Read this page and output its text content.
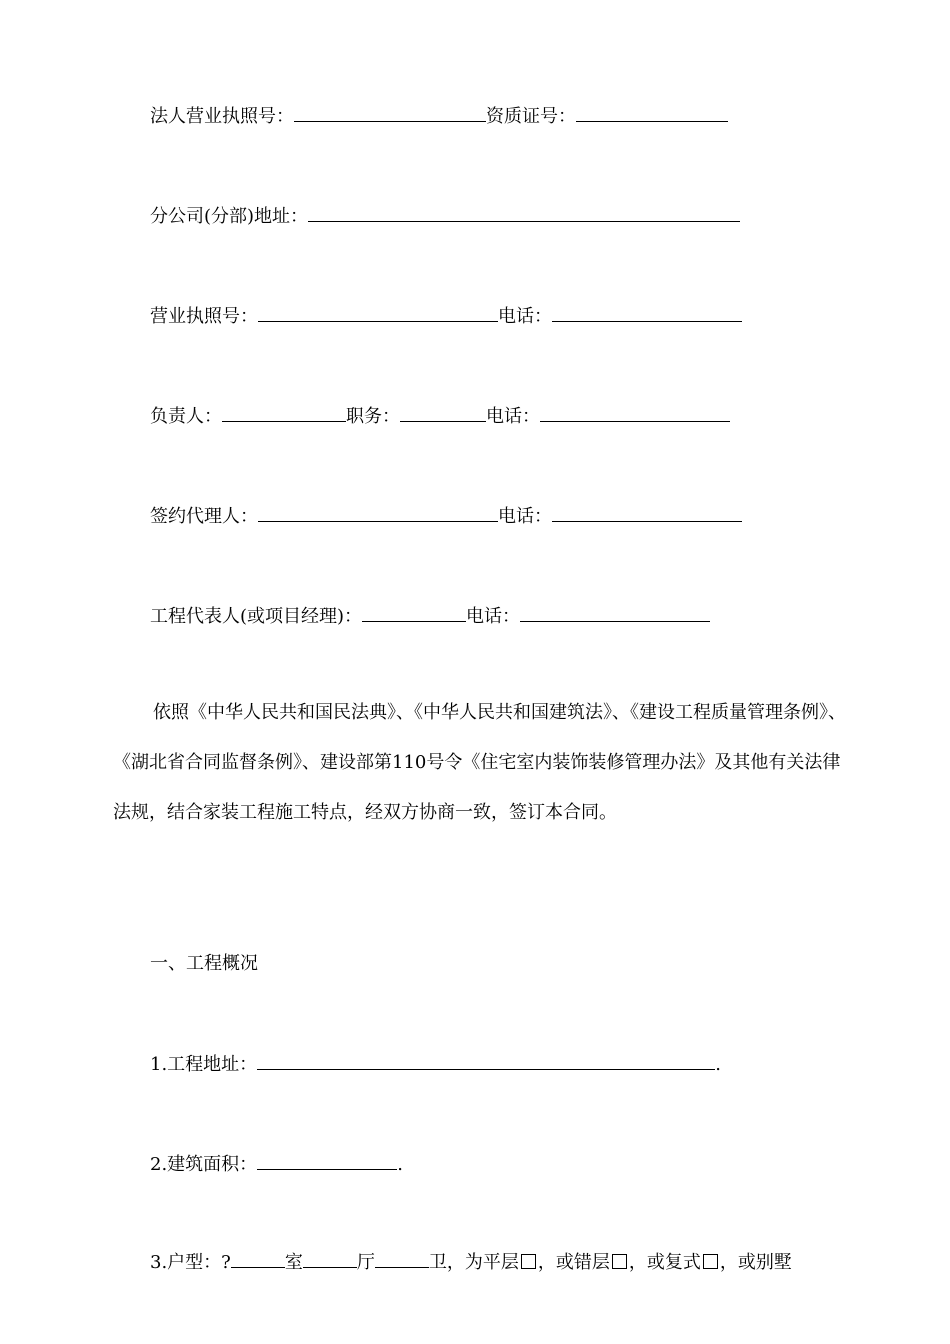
法人营业执照号：	资质证号：
分公司(分部)地址：
营业执照号：	电话：
负责人：	职务：	电话：
签约代理人：	电话：
工程代表人(或项目经理)：	电话：
依照《中华人民共和国民法典》、《中华人民共和国建筑法》、《建设工程质量管理条例》、《湖北省合同监督条例》、建设部第110号令《住宅室内装饰装修管理办法》及其他有关法律法规，结合家装工程施工特点，经双方协商一致，签订本合同。
一、工程概况
1.工程地址：	.
2.建筑面积：	.
3.户型：?	室	厅	卫，为平层 ，或错层 ，或复式 ，或别墅
